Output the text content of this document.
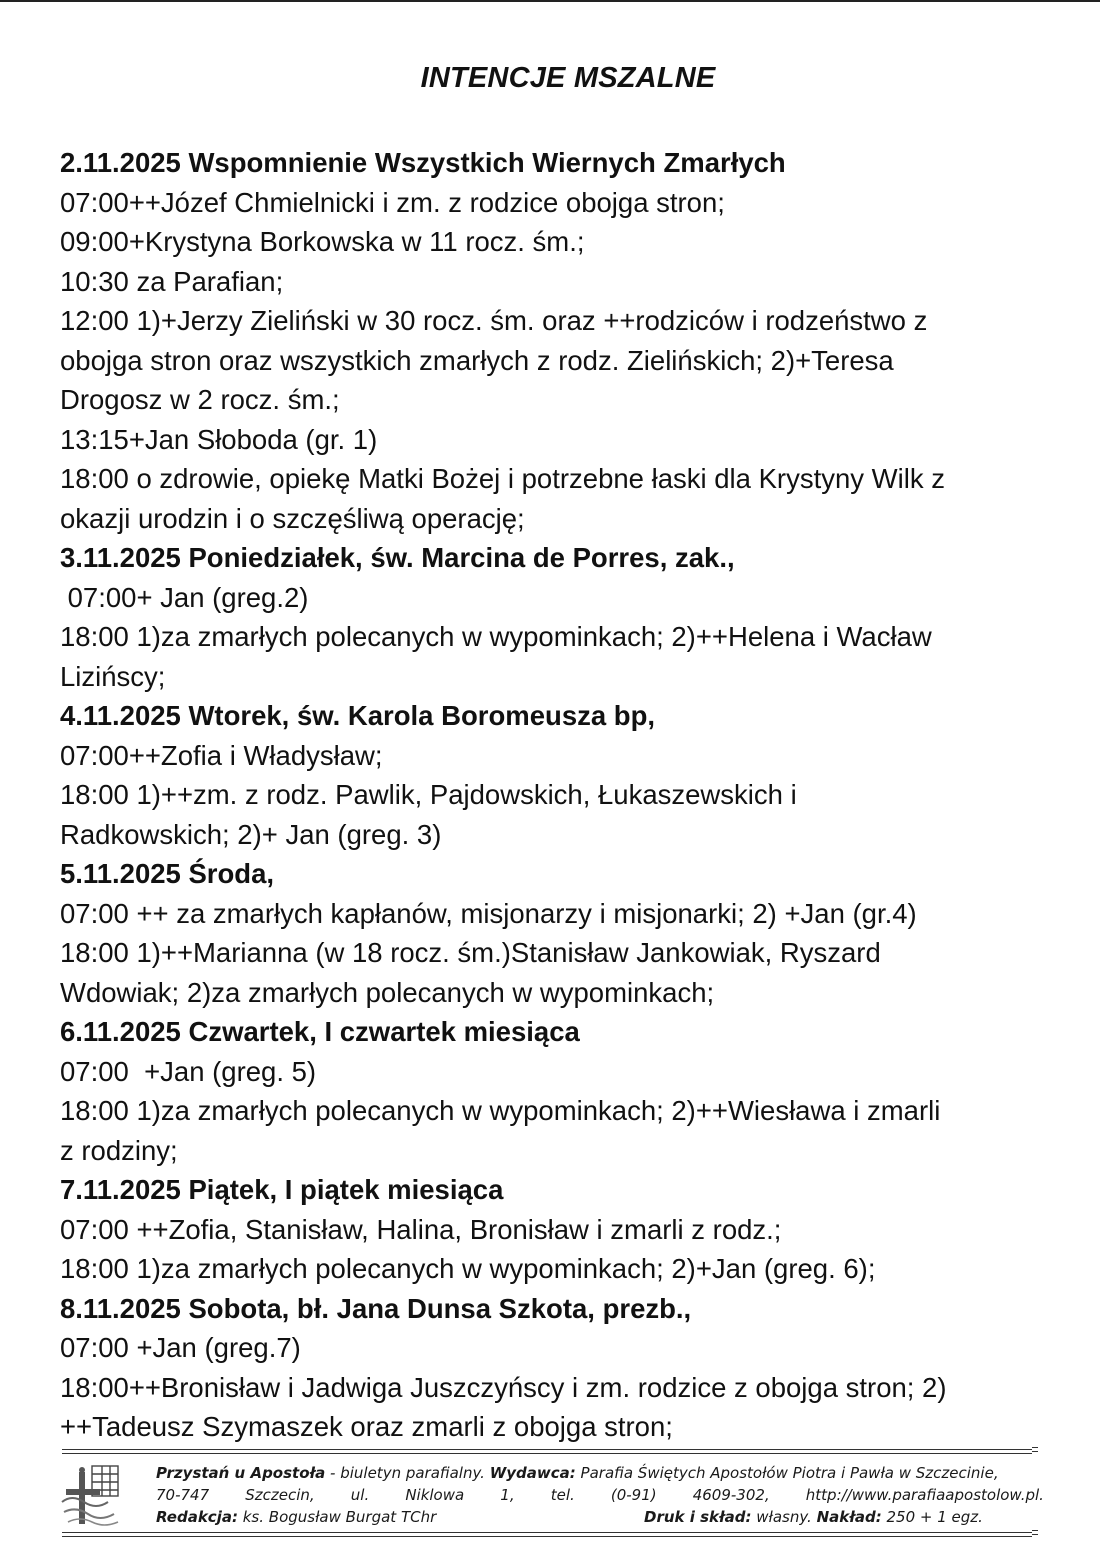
INTENCJE MSZALNE
2.11.2025 Wspomnienie Wszystkich Wiernych Zmarłych
07:00++Józef Chmielnicki i zm. z rodzice obojga stron;
09:00+Krystyna Borkowska w 11 rocz. śm.;
10:30 za Parafian;
12:00 1)+Jerzy Zieliński w 30 rocz. śm. oraz ++rodziców i rodzeństwo z
obojga stron oraz wszystkich zmarłych z rodz. Zielińskich; 2)+Teresa
Drogosz w 2 rocz. śm.;
13:15+Jan Słoboda (gr. 1)
18:00 o zdrowie, opiekę Matki Bożej i potrzebne łaski dla Krystyny Wilk z
okazji urodzin i o szczęśliwą operację;
3.11.2025 Poniedziałek, św. Marcina de Porres, zak.,
07:00+ Jan (greg.2)
18:00 1)za zmarłych polecanych w wypominkach; 2)++Helena i Wacław
Lizińscy;
4.11.2025 Wtorek, św. Karola Boromeusza bp,
07:00++Zofia i Władysław;
18:00 1)++zm. z rodz. Pawlik, Pajdowskich, Łukaszewskich i
Radkowskich; 2)+ Jan (greg. 3)
5.11.2025 Środa,
07:00 ++ za zmarłych kapłanów, misjonarzy i misjonarki; 2) +Jan (gr.4)
18:00 1)++Marianna (w 18 rocz. śm.)Stanisław Jankowiak, Ryszard
Wdowiak; 2)za zmarłych polecanych w wypominkach;
6.11.2025 Czwartek, I czwartek miesiąca
07:00  +Jan (greg. 5)
18:00 1)za zmarłych polecanych w wypominkach; 2)++Wiesława i zmarli
z rodziny;
7.11.2025 Piątek, I piątek miesiąca
07:00 ++Zofia, Stanisław, Halina, Bronisław i zmarli z rodz.;
18:00 1)za zmarłych polecanych w wypominkach; 2)+Jan (greg. 6);
8.11.2025 Sobota, bł. Jana Dunsa Szkota, prezb.,
07:00 +Jan (greg.7)
18:00++Bronisław i Jadwiga Juszczyńscy i zm. rodzice z obojga stron; 2)
++Tadeusz Szymaszek oraz zmarli z obojga stron;
Przystań u Apostoła - biuletyn parafialny. Wydawca: Parafia Świętych Apostołów Piotra i Pawła w Szczecinie,
70-747 Szczecin, ul. Niklowa 1, tel. (0-91) 4609-302, http://www.parafiaapostolow.pl.
Redakcja: ks. Bogusław Burgat TChr	Druk i skład: własny. Nakład: 250 + 1 egz.
